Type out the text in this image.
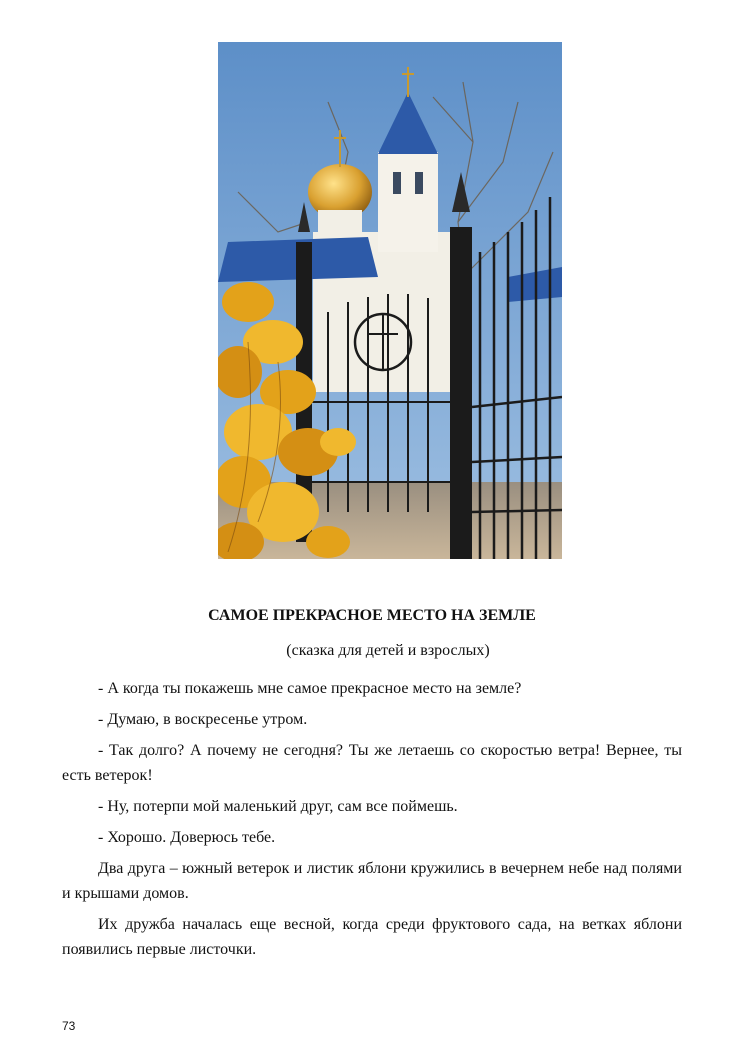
САМОЕ ПРЕКРАСНОЕ МЕСТО НА ЗЕМЛЕ
(сказка для детей и взрослых)

- А когда ты покажешь мне самое прекрасное место на земле?

- Думаю, в воскресенье утром.

- Так долго? А почему не сегодня? Ты же летаешь со скоростью ветра! Вернее, ты есть ветерок!

- Ну, потерпи мой маленький друг, сам все поймешь.

- Хорошо. Доверюсь тебе.

Два друга – южный ветерок и листик яблони кружились в вечернем небе над полями и крышами домов.

Их дружба началась еще весной, когда среди фруктового сада, на ветках яблони появились первые листочки.

73
